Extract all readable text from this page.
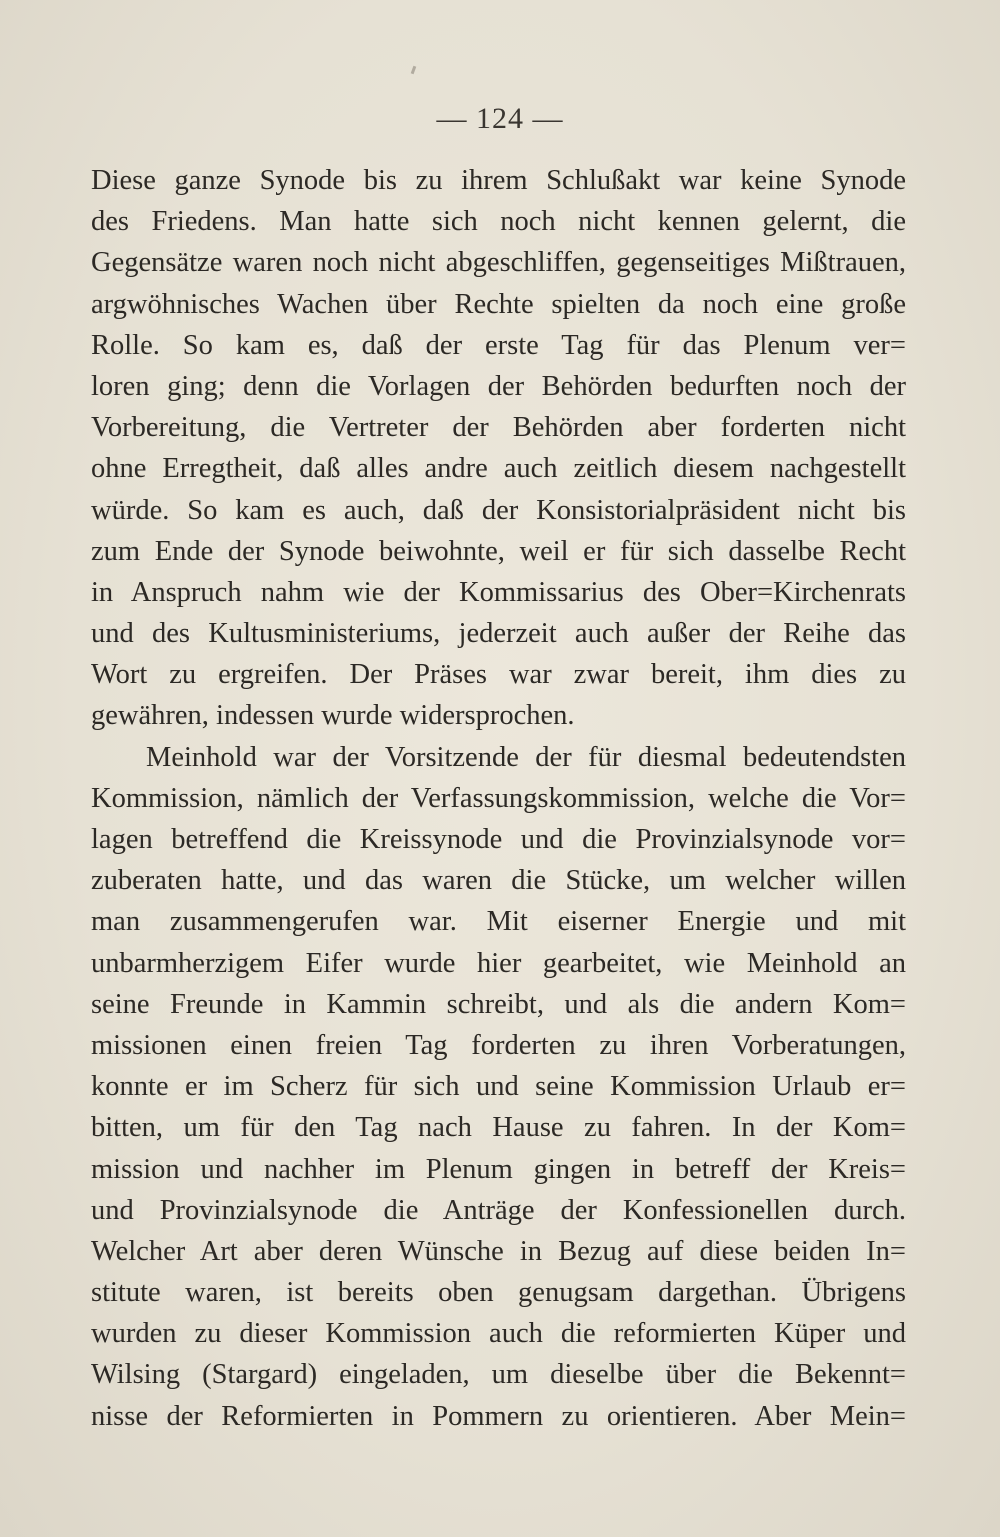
— 124 —
Diese ganze Synode bis zu ihrem Schlußakt war keine Synode
des Friedens. Man hatte sich noch nicht kennen gelernt, die
Gegensätze waren noch nicht abgeschliffen, gegenseitiges Mißtrauen,
argwöhnisches Wachen über Rechte spielten da noch eine große
Rolle. So kam es, daß der erste Tag für das Plenum ver=
loren ging; denn die Vorlagen der Behörden bedurften noch der
Vorbereitung, die Vertreter der Behörden aber forderten nicht
ohne Erregtheit, daß alles andre auch zeitlich diesem nachgestellt
würde. So kam es auch, daß der Konsistorialpräsident nicht bis
zum Ende der Synode beiwohnte, weil er für sich dasselbe Recht
in Anspruch nahm wie der Kommissarius des Ober=Kirchenrats
und des Kultusministeriums, jederzeit auch außer der Reihe das
Wort zu ergreifen. Der Präses war zwar bereit, ihm dies zu
gewähren, indessen wurde widersprochen.
Meinhold war der Vorsitzende der für diesmal bedeutendsten
Kommission, nämlich der Verfassungskommission, welche die Vor=
lagen betreffend die Kreissynode und die Provinzialsynode vor=
zuberaten hatte, und das waren die Stücke, um welcher willen
man zusammengerufen war. Mit eiserner Energie und mit
unbarmherzigem Eifer wurde hier gearbeitet, wie Meinhold an
seine Freunde in Kammin schreibt, und als die andern Kom=
missionen einen freien Tag forderten zu ihren Vorberatungen,
konnte er im Scherz für sich und seine Kommission Urlaub er=
bitten, um für den Tag nach Hause zu fahren. In der Kom=
mission und nachher im Plenum gingen in betreff der Kreis=
und Provinzialsynode die Anträge der Konfessionellen durch.
Welcher Art aber deren Wünsche in Bezug auf diese beiden In=
stitute waren, ist bereits oben genugsam dargethan. Übrigens
wurden zu dieser Kommission auch die reformierten Küper und
Wilsing (Stargard) eingeladen, um dieselbe über die Bekennt=
nisse der Reformierten in Pommern zu orientieren. Aber Mein=
